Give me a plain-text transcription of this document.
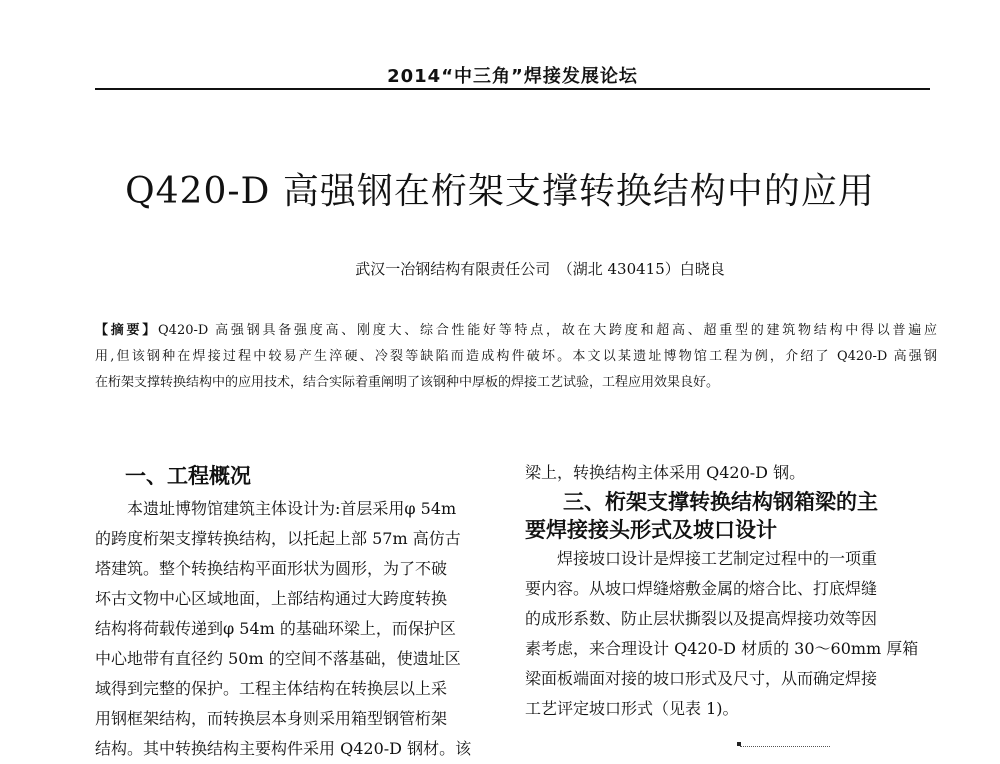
2014“中三角”焊接发展论坛
Q420-D 高强钢在桁架支撑转换结构中的应用
武汉一冶钢结构有限责任公司　（湖北 430415）白晓良
【摘要】Q420-D 高强钢具备强度高、刚度大、综合性能好等特点，故在大跨度和超高、超重型的建筑物结构中得以普遍应
用,但该钢种在焊接过程中较易产生淬硬、冷裂等缺陷而造成构件破坏。本文以某遗址博物馆工程为例，介绍了 Q420-D 高强钢
在桁架支撑转换结构中的应用技术，结合实际着重阐明了该钢种中厚板的焊接工艺试验，工程应用效果良好。
一、工程概况
本遗址博物馆建筑主体设计为:首层采用φ 54m
的跨度桁架支撑转换结构，以托起上部 57m 高仿古
塔建筑。整个转换结构平面形状为圆形，为了不破
坏古文物中心区域地面，上部结构通过大跨度转换
结构将荷载传递到φ 54m 的基础环梁上，而保护区
中心地带有直径约 50m 的空间不落基础，使遗址区
域得到完整的保护。工程主体结构在转换层以上采
用钢框架结构，而转换层本身则采用箱型钢管桁架
结构。其中转换结构主要构件采用 Q420-D 钢材。该
梁上，转换结构主体采用 Q420-D 钢。
三、桁架支撑转换结构钢箱梁的主
要焊接接头形式及坡口设计
焊接坡口设计是焊接工艺制定过程中的一项重
要内容。从坡口焊缝熔敷金属的熔合比、打底焊缝
的成形系数、防止层状撕裂以及提高焊接功效等因
素考虑，来合理设计 Q420-D 材质的 30～60mm 厚箱
梁面板端面对接的坡口形式及尺寸，从而确定焊接
工艺评定坡口形式（见表 1)。
